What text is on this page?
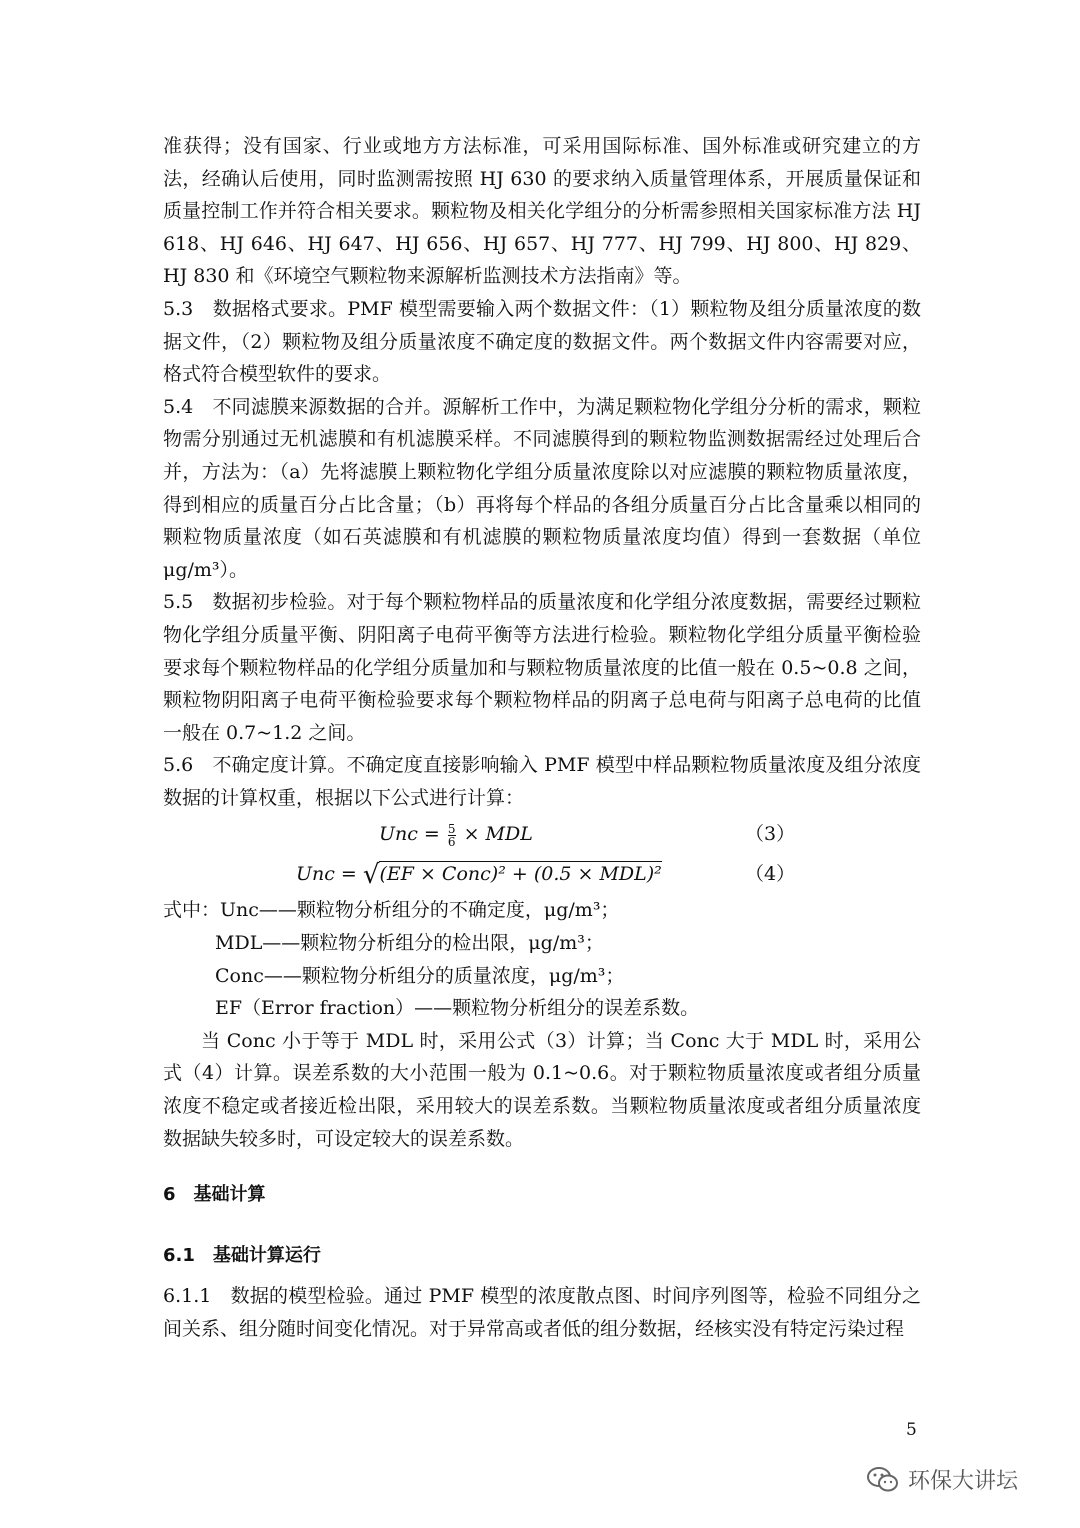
准获得；没有国家、行业或地方方法标准，可采用国际标准、国外标准或研究建立的方法，经确认后使用，同时监测需按照 HJ 630 的要求纳入质量管理体系，开展质量保证和质量控制工作并符合相关要求。颗粒物及相关化学组分的分析需参照相关国家标准方法 HJ 618、HJ 646、HJ 647、HJ 656、HJ 657、HJ 777、HJ 799、HJ 800、HJ 829、HJ 830 和《环境空气颗粒物来源解析监测技术方法指南》等。

5.3　数据格式要求。PMF 模型需要输入两个数据文件：（1）颗粒物及组分质量浓度的数据文件，（2）颗粒物及组分质量浓度不确定度的数据文件。两个数据文件内容需要对应，格式符合模型软件的要求。

5.4　不同滤膜来源数据的合并。源解析工作中，为满足颗粒物化学组分分析的需求，颗粒物需分别通过无机滤膜和有机滤膜采样。不同滤膜得到的颗粒物监测数据需经过处理后合并，方法为：（a）先将滤膜上颗粒物化学组分质量浓度除以对应滤膜的颗粒物质量浓度，得到相应的质量百分占比含量；（b）再将每个样品的各组分质量百分占比含量乘以相同的颗粒物质量浓度（如石英滤膜和有机滤膜的颗粒物质量浓度均值）得到一套数据（单位 μg/m³）。

5.5　数据初步检验。对于每个颗粒物样品的质量浓度和化学组分浓度数据，需要经过颗粒物化学组分质量平衡、阴阳离子电荷平衡等方法进行检验。颗粒物化学组分质量平衡检验要求每个颗粒物样品的化学组分质量加和与颗粒物质量浓度的比值一般在 0.5~0.8 之间，颗粒物阴阳离子电荷平衡检验要求每个颗粒物样品的阴离子总电荷与阳离子总电荷的比值一般在 0.7~1.2 之间。

5.6　不确定度计算。不确定度直接影响输入 PMF 模型中样品颗粒物质量浓度及组分浓度数据的计算权重，根据以下公式进行计算：

Unc = $\frac{5}{6}$ × MDL	（3）
Unc = √(EF × Conc)² + (0.5 × MDL)²	（4）

式中：Unc——颗粒物分析组分的不确定度，μg/m³；

MDL——颗粒物分析组分的检出限，μg/m³；

Conc——颗粒物分析组分的质量浓度，μg/m³；

EF（Error fraction）——颗粒物分析组分的误差系数。

当 Conc 小于等于 MDL 时，采用公式（3）计算；当 Conc 大于 MDL 时，采用公式（4）计算。误差系数的大小范围一般为 0.1~0.6。对于颗粒物质量浓度或者组分质量浓度不稳定或者接近检出限，采用较大的误差系数。当颗粒物质量浓度或者组分质量浓度数据缺失较多时，可设定较大的误差系数。

6　基础计算

6.1　基础计算运行

6.1.1　数据的模型检验。通过 PMF 模型的浓度散点图、时间序列图等，检验不同组分之间关系、组分随时间变化情况。对于异常高或者低的组分数据，经核实没有特定污染过程

5
环保大讲坛
